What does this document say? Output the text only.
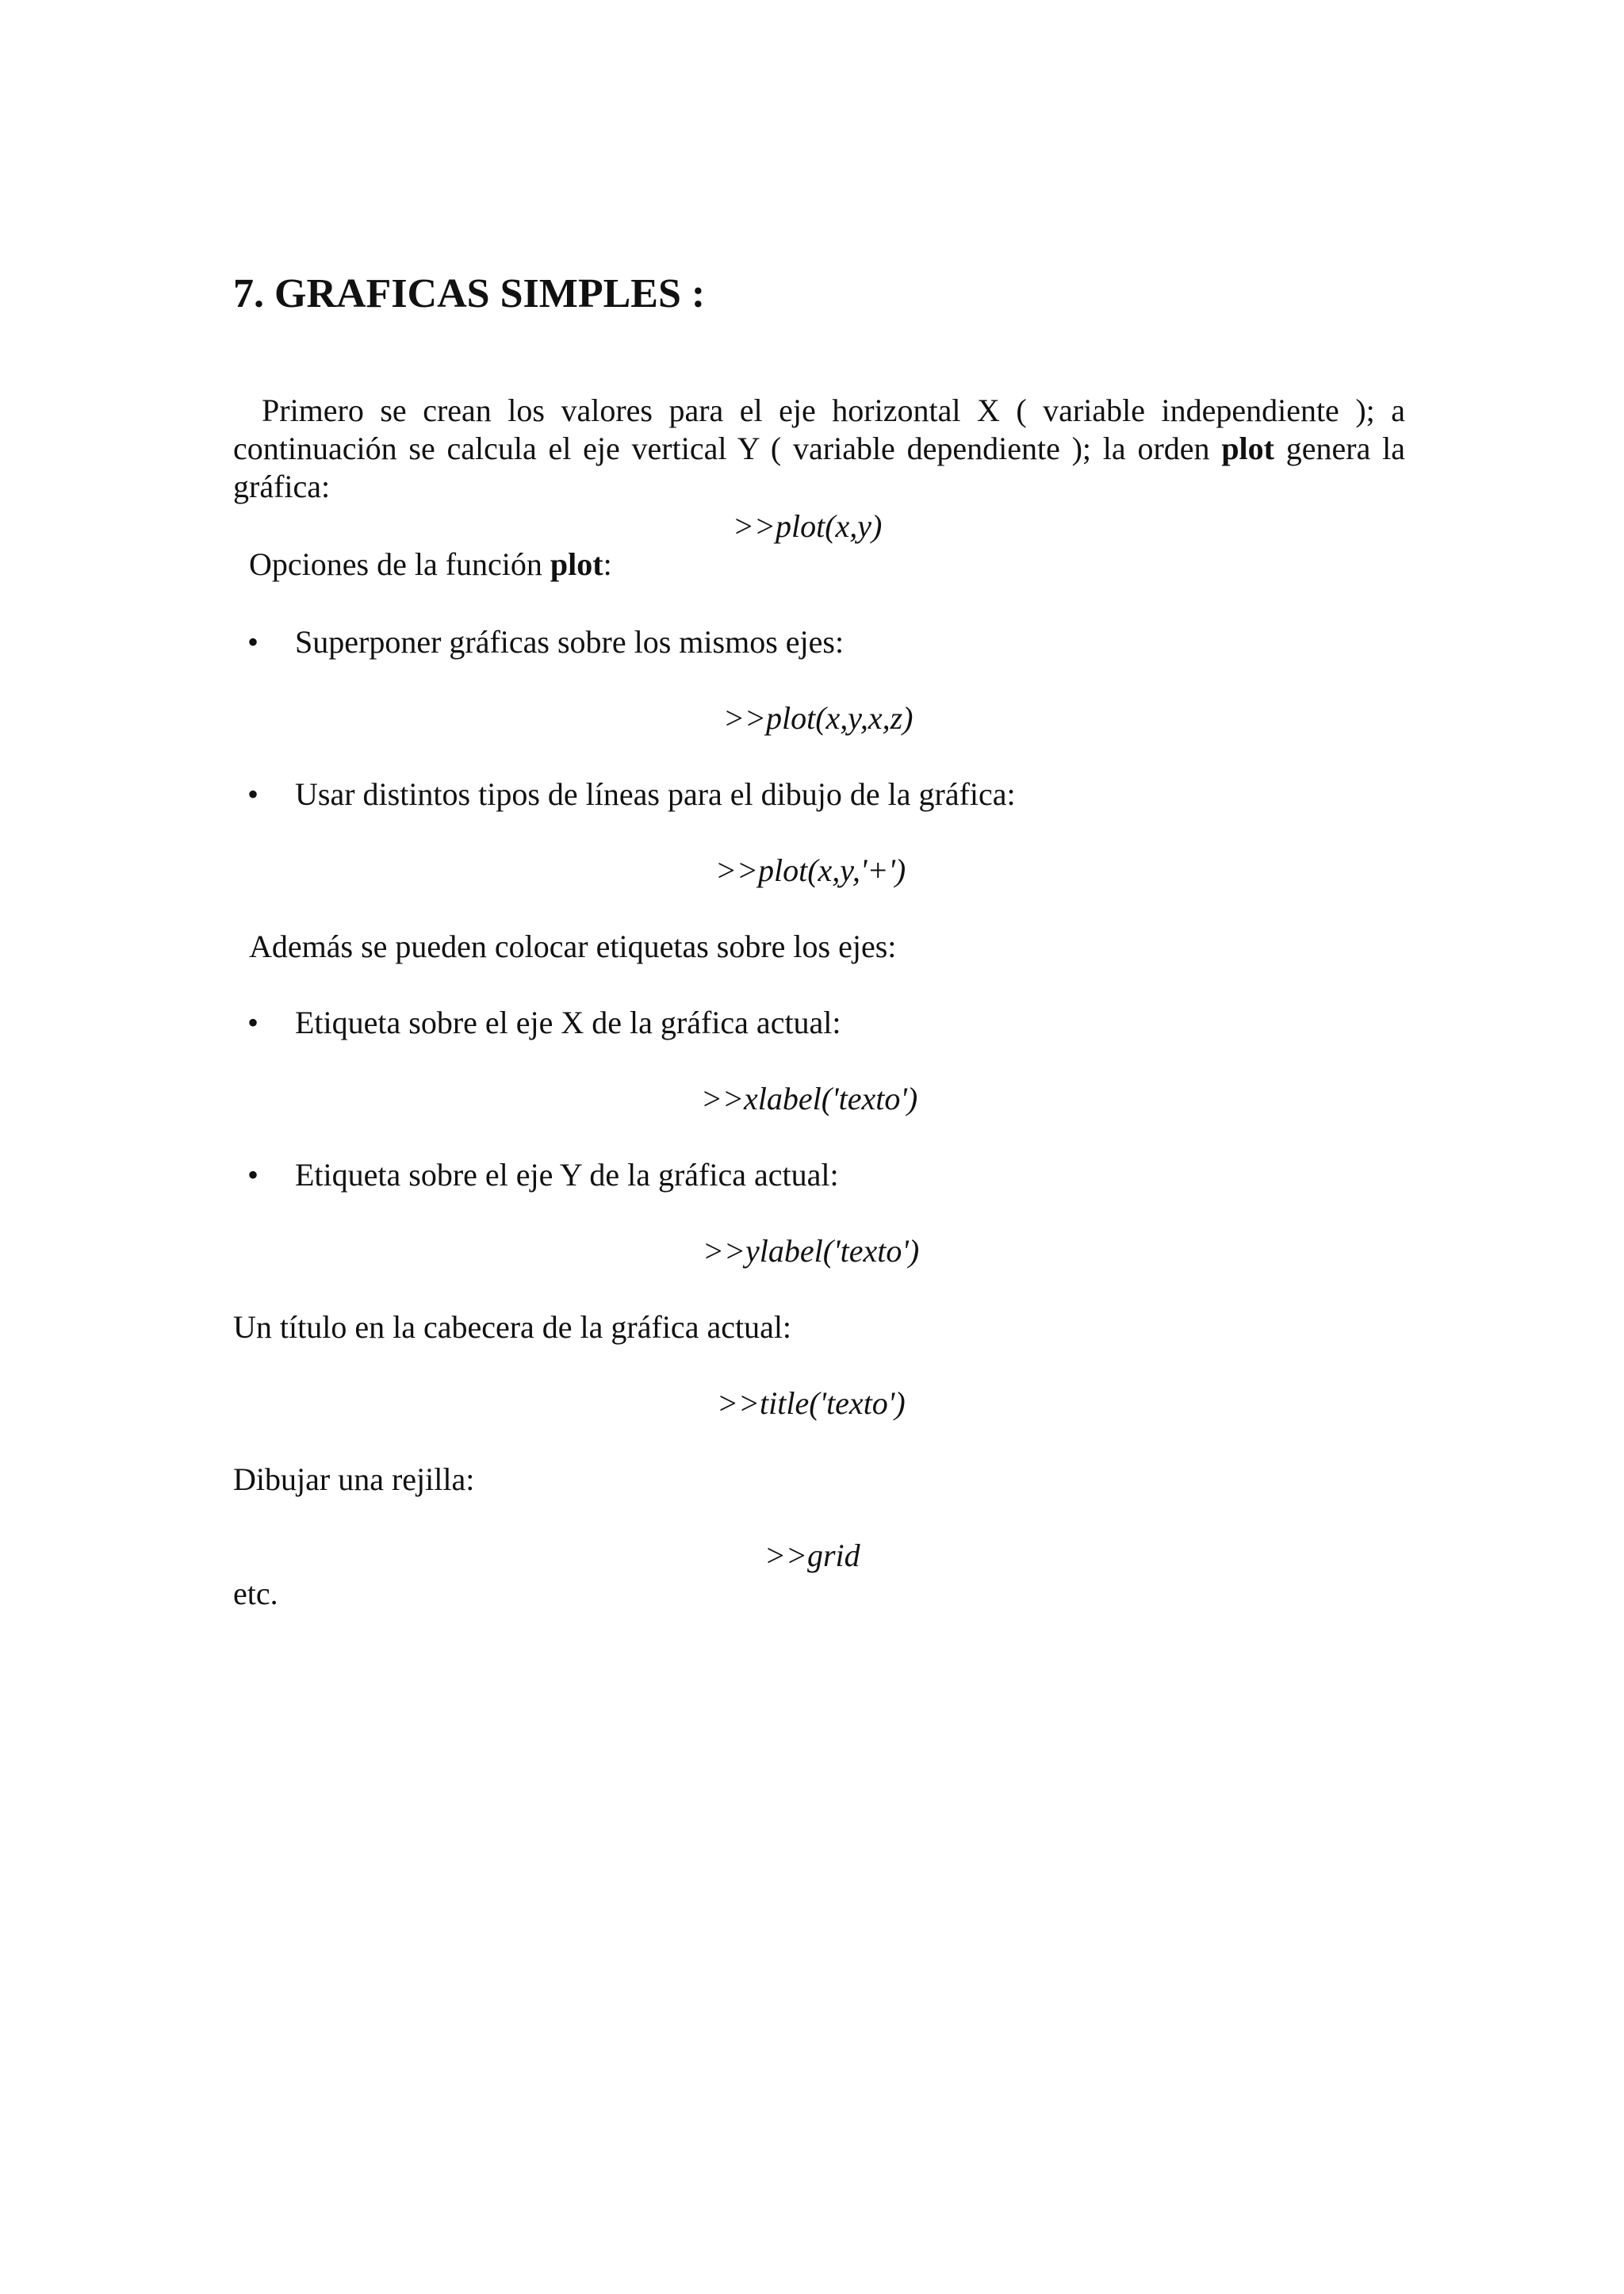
7. GRAFICAS SIMPLES :
Primero se crean los valores para el eje horizontal X ( variable independiente ); a continuación se calcula el eje vertical Y ( variable dependiente ); la orden plot genera la gráfica:
>>plot(x,y)
Opciones de la función plot:
• Superponer gráficas sobre los mismos ejes:
>>plot(x,y,x,z)
• Usar distintos tipos de líneas para el dibujo de la gráfica:
>>plot(x,y,'+')
Además se pueden colocar etiquetas sobre los ejes:
• Etiqueta sobre el eje X de la gráfica actual:
>>xlabel('texto')
• Etiqueta sobre el eje Y de la gráfica actual:
>>ylabel('texto')
Un título en la cabecera de la gráfica actual:
>>title('texto')
Dibujar una rejilla:
>>grid
etc.
